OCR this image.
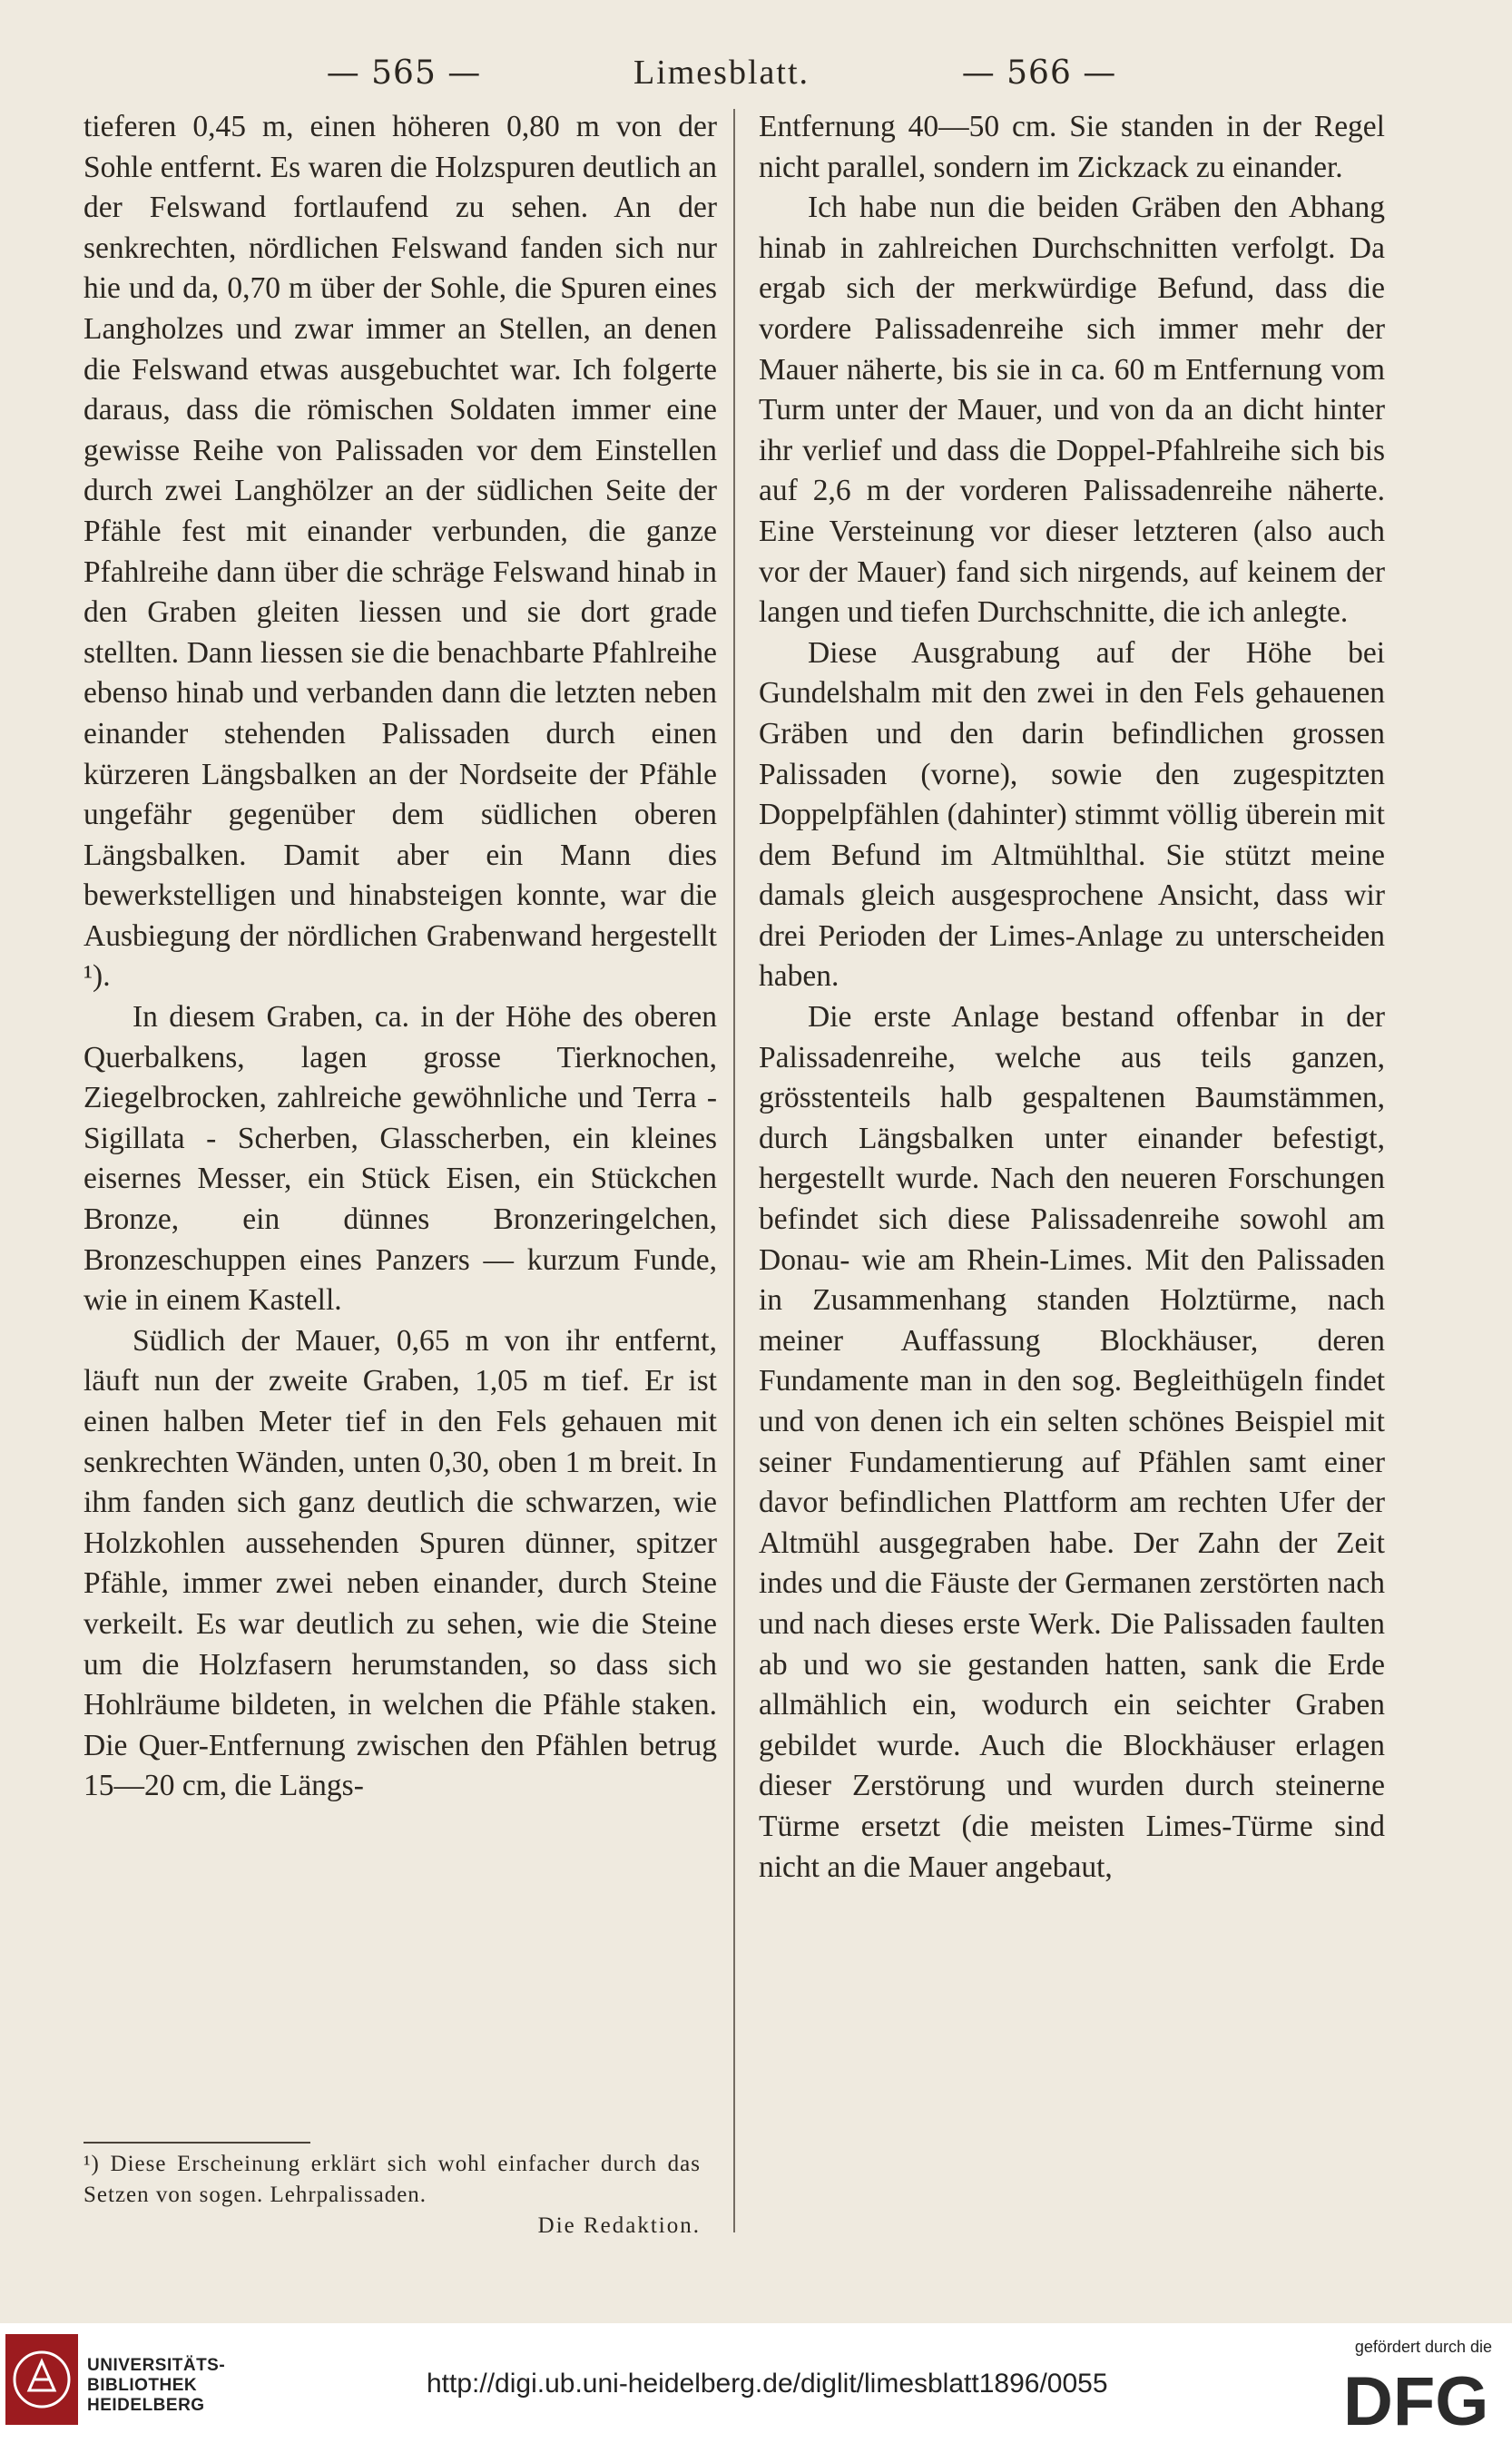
— 565 —	Limesblatt.	— 566 —

tieferen 0,45 m, einen höheren 0,80 m von der Sohle entfernt. Es waren die Holzspuren deutlich an der Felswand fortlaufend zu sehen. An der senkrechten, nördlichen Felswand fanden sich nur hie und da, 0,70 m über der Sohle, die Spuren eines Langholzes und zwar immer an Stellen, an denen die Felswand etwas ausgebuchtet war. Ich folgerte daraus, dass die römischen Soldaten immer eine gewisse Reihe von Palissaden vor dem Einstellen durch zwei Langhölzer an der südlichen Seite der Pfähle fest mit einander verbunden, die ganze Pfahlreihe dann über die schräge Felswand hinab in den Graben gleiten liessen und sie dort grade stellten. Dann liessen sie die benachbarte Pfahlreihe ebenso hinab und verbanden dann die letzten neben einander stehenden Palissaden durch einen kürzeren Längsbalken an der Nordseite der Pfähle ungefähr gegenüber dem südlichen oberen Längsbalken. Damit aber ein Mann dies bewerkstelligen und hinabsteigen konnte, war die Ausbiegung der nördlichen Grabenwand hergestellt ¹).

In diesem Graben, ca. in der Höhe des oberen Querbalkens, lagen grosse Tierknochen, Ziegelbrocken, zahlreiche gewöhnliche und Terra - Sigillata - Scherben, Glasscherben, ein kleines eisernes Messer, ein Stück Eisen, ein Stückchen Bronze, ein dünnes Bronzeringelchen, Bronzeschuppen eines Panzers — kurzum Funde, wie in einem Kastell.

Südlich der Mauer, 0,65 m von ihr entfernt, läuft nun der zweite Graben, 1,05 m tief. Er ist einen halben Meter tief in den Fels gehauen mit senkrechten Wänden, unten 0,30, oben 1 m breit. In ihm fanden sich ganz deutlich die schwarzen, wie Holzkohlen aussehenden Spuren dünner, spitzer Pfähle, immer zwei neben einander, durch Steine verkeilt. Es war deutlich zu sehen, wie die Steine um die Holzfasern herumstanden, so dass sich Hohlräume bildeten, in welchen die Pfähle staken. Die Quer-Entfernung zwischen den Pfählen betrug 15—20 cm, die Längs-

Entfernung 40—50 cm. Sie standen in der Regel nicht parallel, sondern im Zickzack zu einander.

Ich habe nun die beiden Gräben den Abhang hinab in zahlreichen Durchschnitten verfolgt. Da ergab sich der merkwürdige Befund, dass die vordere Palissadenreihe sich immer mehr der Mauer näherte, bis sie in ca. 60 m Entfernung vom Turm unter der Mauer, und von da an dicht hinter ihr verlief und dass die Doppel-Pfahlreihe sich bis auf 2,6 m der vorderen Palissadenreihe näherte. Eine Versteinung vor dieser letzteren (also auch vor der Mauer) fand sich nirgends, auf keinem der langen und tiefen Durchschnitte, die ich anlegte.

Diese Ausgrabung auf der Höhe bei Gundelshalm mit den zwei in den Fels gehauenen Gräben und den darin befindlichen grossen Palissaden (vorne), sowie den zugespitzten Doppelpfählen (dahinter) stimmt völlig überein mit dem Befund im Altmühlthal. Sie stützt meine damals gleich ausgesprochene Ansicht, dass wir drei Perioden der Limes-Anlage zu unterscheiden haben.

Die erste Anlage bestand offenbar in der Palissadenreihe, welche aus teils ganzen, grösstenteils halb gespaltenen Baumstämmen, durch Längsbalken unter einander befestigt, hergestellt wurde. Nach den neueren Forschungen befindet sich diese Palissadenreihe sowohl am Donau- wie am Rhein-Limes. Mit den Palissaden in Zusammenhang standen Holztürme, nach meiner Auffassung Blockhäuser, deren Fundamente man in den sog. Begleithügeln findet und von denen ich ein selten schönes Beispiel mit seiner Fundamentierung auf Pfählen samt einer davor befindlichen Plattform am rechten Ufer der Altmühl ausgegraben habe. Der Zahn der Zeit indes und die Fäuste der Germanen zerstörten nach und nach dieses erste Werk. Die Palissaden faulten ab und wo sie gestanden hatten, sank die Erde allmählich ein, wodurch ein seichter Graben gebildet wurde. Auch die Blockhäuser erlagen dieser Zerstörung und wurden durch steinerne Türme ersetzt (die meisten Limes-Türme sind nicht an die Mauer angebaut,

¹) Diese Erscheinung erklärt sich wohl einfacher durch das Setzen von sogen. Lehrpalissaden.
Die Redaktion.
UNIVERSITÄTS-
BIBLIOTHEK
HEIDELBERG
http://digi.ub.uni-heidelberg.de/diglit/limesblatt1896/0055
gefördert durch die
DFG
